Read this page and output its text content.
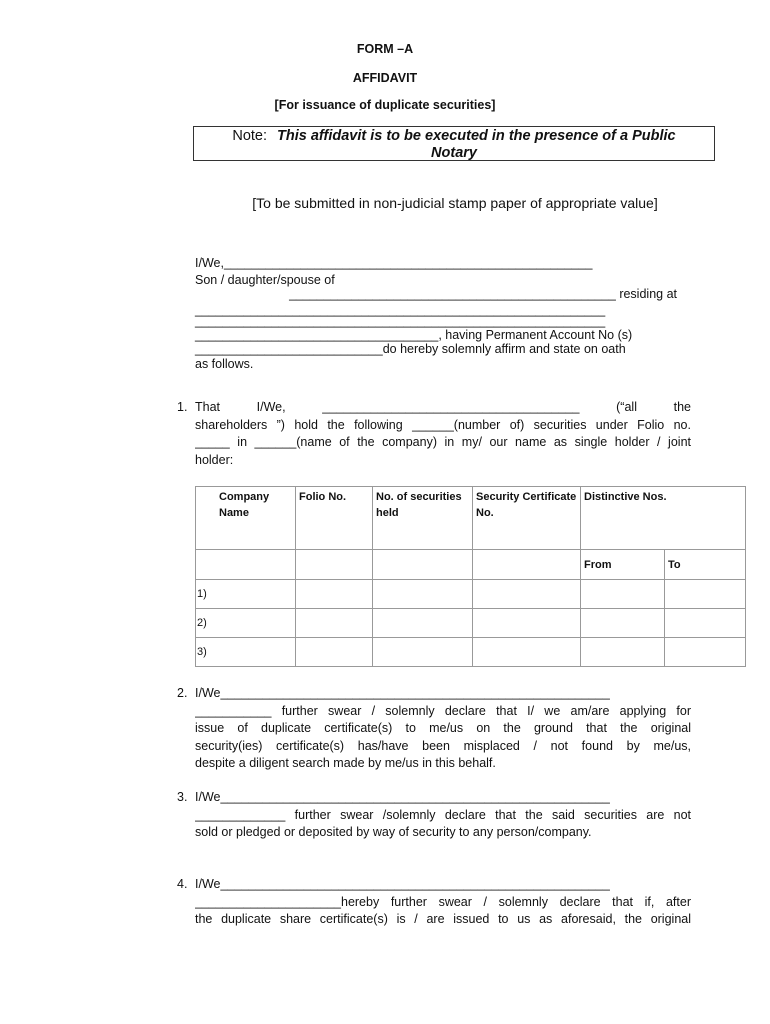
FORM –A
AFFIDAVIT
[For issuance of duplicate securities]
Note: This affidavit is to be executed in the presence of a Public
Notary
[To be submitted in non-judicial stamp paper of appropriate value]
I/We,_____________________________________________________
Son / daughter/spouse of
_______________________________________________ residing at
___________________________________________________________
___________________________________________________________
___________________________________, having Permanent Account No (s)
___________________________do hereby solemnly affirm and state on oath
as follows.
1. That I/We, _____________________________________ (“all the
shareholders ”) hold the following ______(number of) securities under Folio no.
_____ in ______(name of the company) in my/ our name as single holder / joint
holder:
Company Name	Folio No.	No. of securities held	Security Certificate No.	Distinctive Nos.	
				From	To
1)					
2)					
3)					
2. I/We________________________________________________________
___________ further swear / solemnly declare that I/ we am/are applying for
issue of duplicate certificate(s) to me/us on the ground that the original
security(ies) certificate(s) has/have been misplaced / not found by me/us,
despite a diligent search made by me/us in this behalf.
3. I/We________________________________________________________
_____________ further swear /solemnly declare that the said securities are not
sold or pledged or deposited by way of security to any person/company.
4. I/We________________________________________________________
_____________________hereby further swear / solemnly declare that if, after
the duplicate share certificate(s) is / are issued to us as aforesaid, the original
